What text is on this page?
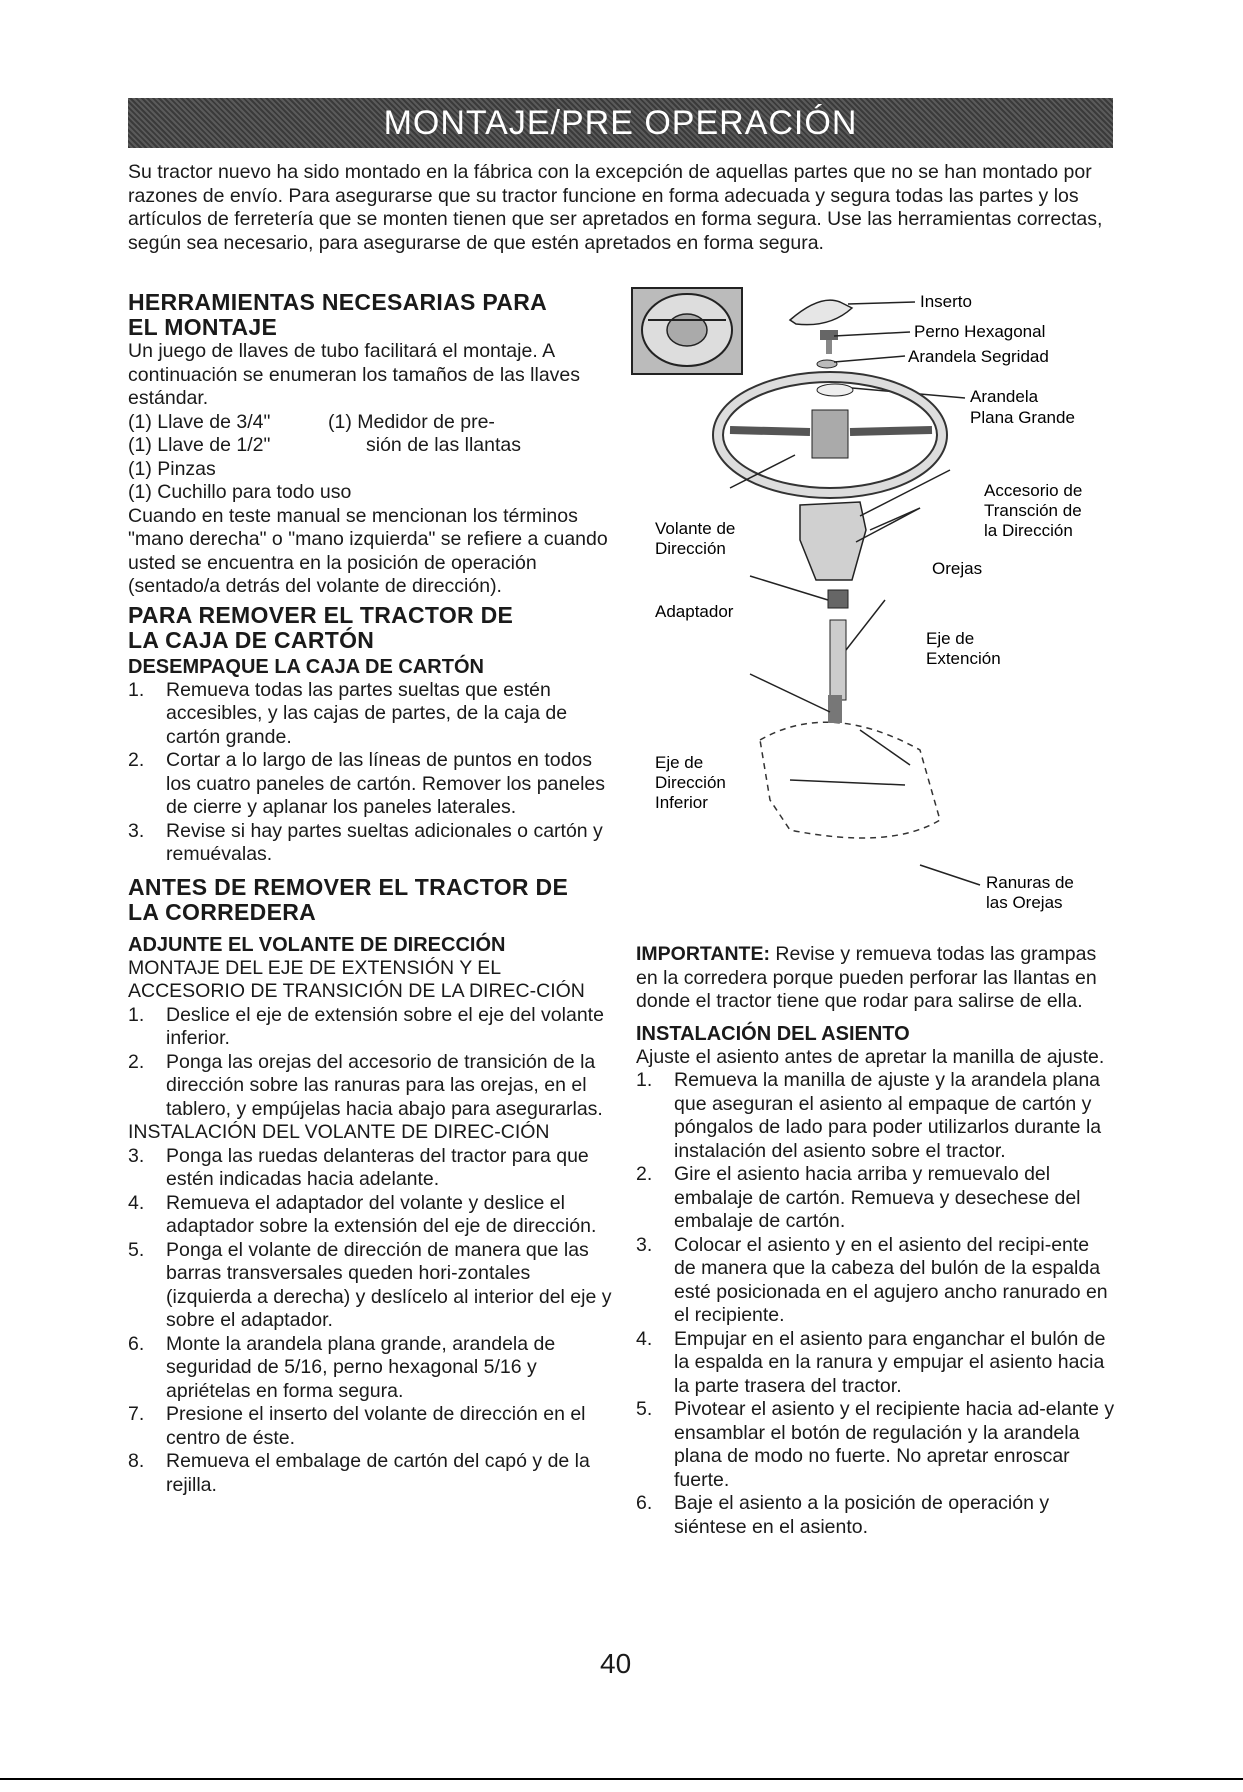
MONTAJE/PRE OPERACIÓN

Su tractor nuevo ha sido montado en la fábrica con la excepción de aquellas partes que no se han montado por razones de envío. Para asegurarse que su tractor funcione en forma adecuada y segura todas las partes y los artículos de ferretería que se monten tienen que ser apretados en forma segura. Use las herramientas correctas, según sea necesario, para asegurarse de que estén apretados en forma segura.

HERRAMIENTAS NECESARIAS PARA
EL MONTAJE

Un juego de llaves de tubo facilitará el montaje. A continuación se enumeran los tamaños de las llaves estándar.

(1) Llave de 3/4"
(1) Llave de 1/2"
(1) Medidor de pre-
sión de las llantas
(1) Pinzas
(1) Cuchillo para todo uso

Cuando en teste manual se mencionan los términos "mano derecha" o "mano izquierda" se refiere a cuando usted se encuentra en la posición de operación (sentado/a detrás del volante de dirección).

PARA REMOVER EL TRACTOR DE
LA CAJA DE CARTÓN
DESEMPAQUE LA CAJA DE CARTÓN
1. Remueva todas las partes sueltas que estén accesibles, y las cajas de partes, de la caja de cartón grande.
2. Cortar a lo largo de las líneas de puntos en todos los cuatro paneles de cartón. Remover los paneles de cierre y aplanar los paneles laterales.
3. Revise si hay partes sueltas adicionales o cartón y remuévalas.
ANTES DE REMOVER EL TRACTOR DE
LA CORREDERA
ADJUNTE EL VOLANTE DE DIRECCIÓN

MONTAJE DEL EJE DE EXTENSIÓN Y EL ACCESORIO DE TRANSICIÓN DE LA DIREC-CIÓN

1. Deslice el eje de extensión sobre el eje del volante inferior.
2. Ponga las orejas del accesorio de transición de la dirección sobre las ranuras para las orejas, en el tablero, y empújelas hacia abajo para asegurarlas.

INSTALACIÓN DEL VOLANTE DE DIREC-CIÓN

3. Ponga las ruedas delanteras del tractor para que estén indicadas hacia adelante.
4. Remueva el adaptador del volante y deslice el adaptador sobre la extensión del eje de dirección.
5. Ponga el volante de dirección de manera que las barras transversales queden hori-zontales (izquierda a derecha) y deslícelo al interior del eje y sobre el adaptador.
6. Monte la arandela plana grande, arandela de seguridad de 5/16, perno hexagonal 5/16 y apriételas en forma segura.
7. Presione el inserto del volante de dirección en el centro de éste.
8. Remueva el embalage de cartón del capó y de la rejilla.
Inserto
Perno Hexagonal
Arandela Segridad
Arandela
Plana Grande
Accesorio de
Transción de
la Dirección
Volante de
Dirección
Orejas
Adaptador
Eje de
Extención
Eje de
Dirección
Inferior
Ranuras de
las Orejas

IMPORTANTE: Revise y remueva todas las grampas en la corredera porque pueden perforar las llantas en donde el tractor tiene que rodar para salirse de ella.

INSTALACIÓN DEL ASIENTO

Ajuste el asiento antes de apretar la manilla de ajuste.

1. Remueva la manilla de ajuste y la arandela plana que aseguran el asiento al empaque de cartón y póngalos de lado para poder utilizarlos durante la instalación del asiento sobre el tractor.
2. Gire el asiento hacia arriba y remuevalo del embalaje de cartón. Remueva y desechese del embalaje de cartón.
3. Colocar el asiento y en el asiento del recipi-ente de manera que la cabeza del bulón de la espalda esté posicionada en el agujero ancho ranurado en el recipiente.
4. Empujar en el asiento para enganchar el bulón de la espalda en la ranura y empujar el asiento hacia la parte trasera del tractor.
5. Pivotear el asiento y el recipiente hacia ad-elante y ensamblar el botón de regulación y la arandela plana de modo no fuerte. No apretar enroscar fuerte.
6. Baje el asiento a la posición de operación y siéntese en el asiento.
40
